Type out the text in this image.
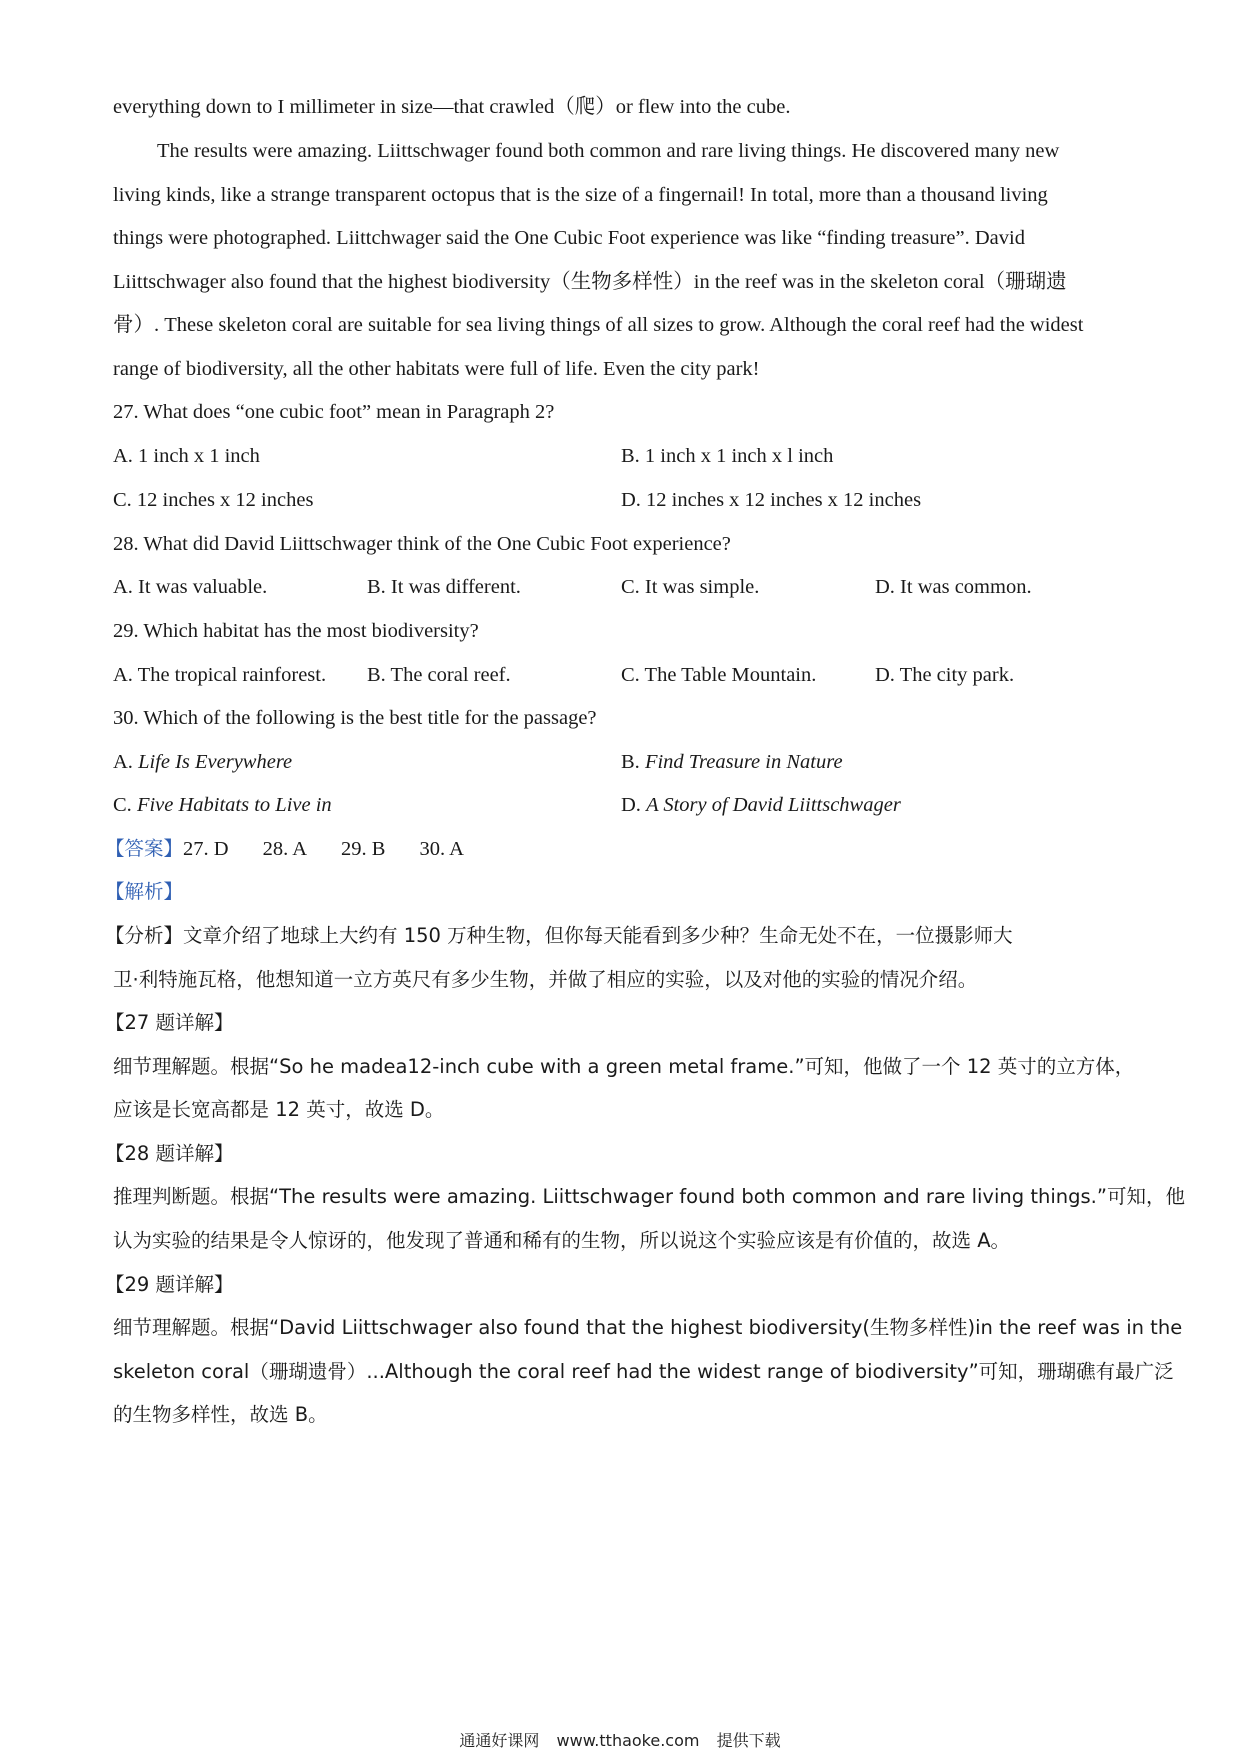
everything down to I millimeter in size—that crawled（爬）or flew into the cube.
The results were amazing. Liittschwager found both common and rare living things. He discovered many new
living kinds, like a strange transparent octopus that is the size of a fingernail! In total, more than a thousand living
things were photographed. Liittchwager said the One Cubic Foot experience was like “finding treasure”. David
Liittschwager also found that the highest biodiversity（生物多样性）in the reef was in the skeleton coral（珊瑚遗
骨）. These skeleton coral are suitable for sea living things of all sizes to grow. Although the coral reef had the widest
range of biodiversity, all the other habitats were full of life. Even the city park!
27. What does “one cubic foot” mean in Paragraph 2?
A. 1 inch x 1 inch	B. 1 inch x 1 inch x l inch
C. 12 inches x 12 inches	D. 12 inches x 12 inches x 12 inches
28. What did David Liittschwager think of the One Cubic Foot experience?
A. It was valuable.	B. It was different.	C. It was simple.	D. It was common.
29. Which habitat has the most biodiversity?
A. The tropical rainforest. B. The coral reef.	C. The Table Mountain.	D. The city park.
30. Which of the following is the best title for the passage?
A. Life Is Everywhere	B. Find Treasure in Nature
C. Five Habitats to Live in	D. A Story of David Liittschwager
【答案】27. D 28. A 29. B 30. A
【解析】
【分析】文章介绍了地球上大约有 150 万种生物，但你每天能看到多少种？生命无处不在，一位摄影师大
卫·利特施瓦格，他想知道一立方英尺有多少生物，并做了相应的实验，以及对他的实验的情况介绍。
【27 题详解】
细节理解题。根据“So he madea12-inch cube with a green metal frame.”可知，他做了一个 12 英寸的立方体，
应该是长宽高都是 12 英寸，故选 D。
【28 题详解】
推理判断题。根据“The results were amazing. Liittschwager found both common and rare living things.”可知，他
认为实验的结果是令人惊讶的，他发现了普通和稀有的生物，所以说这个实验应该是有价值的，故选 A。
【29 题详解】
细节理解题。根据“David Liittschwager also found that the highest biodiversity(生物多样性)in the reef was in the
skeleton coral（珊瑚遗骨）...Although the coral reef had the widest range of biodiversity”可知，珊瑚礁有最广泛
的生物多样性，故选 B。
通通好课网 www.tthaoke.com 提供下载
